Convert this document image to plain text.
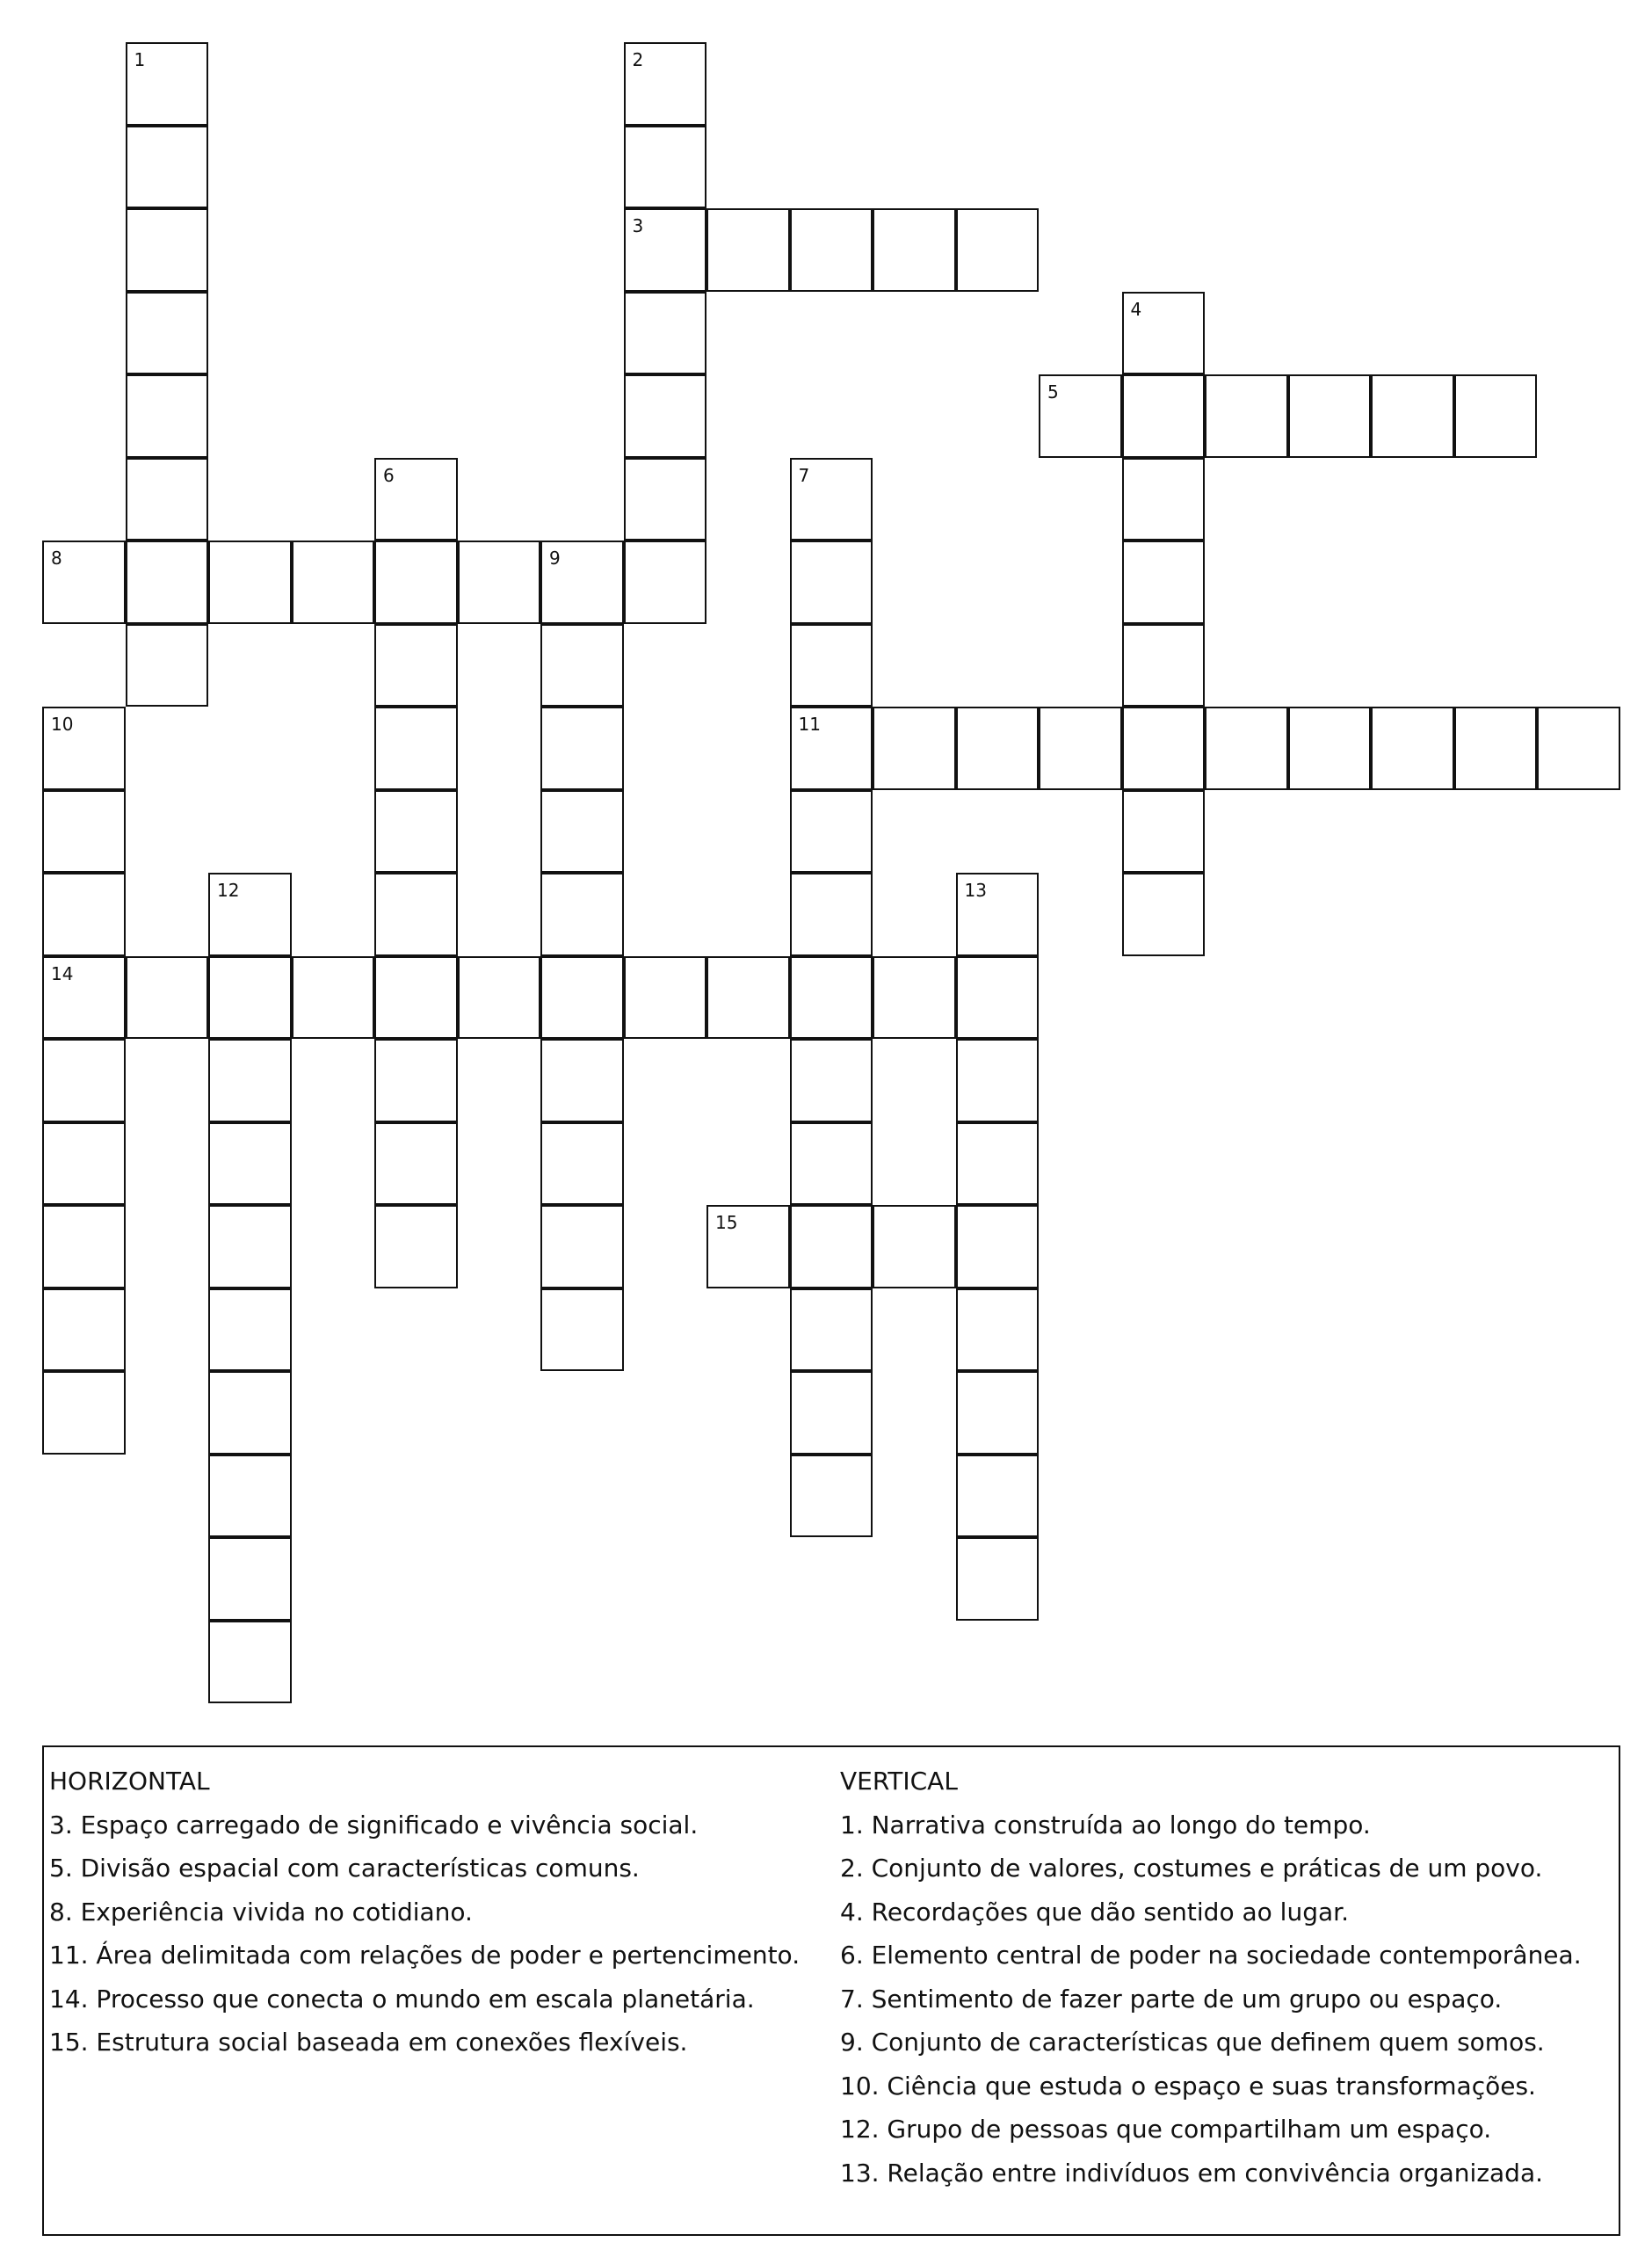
1	2
3
4
5
6	7
11
8	9
10
14
12	13
15
HORIZONTAL
3. Espaço carregado de significado e vivência social.
5. Divisão espacial com características comuns.
8. Experiência vivida no cotidiano.
11. Área delimitada com relações de poder e pertencimento.
14. Processo que conecta o mundo em escala planetária.
15. Estrutura social baseada em conexões flexíveis.
VERTICAL
1. Narrativa construída ao longo do tempo.
2. Conjunto de valores, costumes e práticas de um povo.
4. Recordações que dão sentido ao lugar.
6. Elemento central de poder na sociedade contemporânea.
7. Sentimento de fazer parte de um grupo ou espaço.
9. Conjunto de características que definem quem somos.
10. Ciência que estuda o espaço e suas transformações.
12. Grupo de pessoas que compartilham um espaço.
13. Relação entre indivíduos em convivência organizada.
